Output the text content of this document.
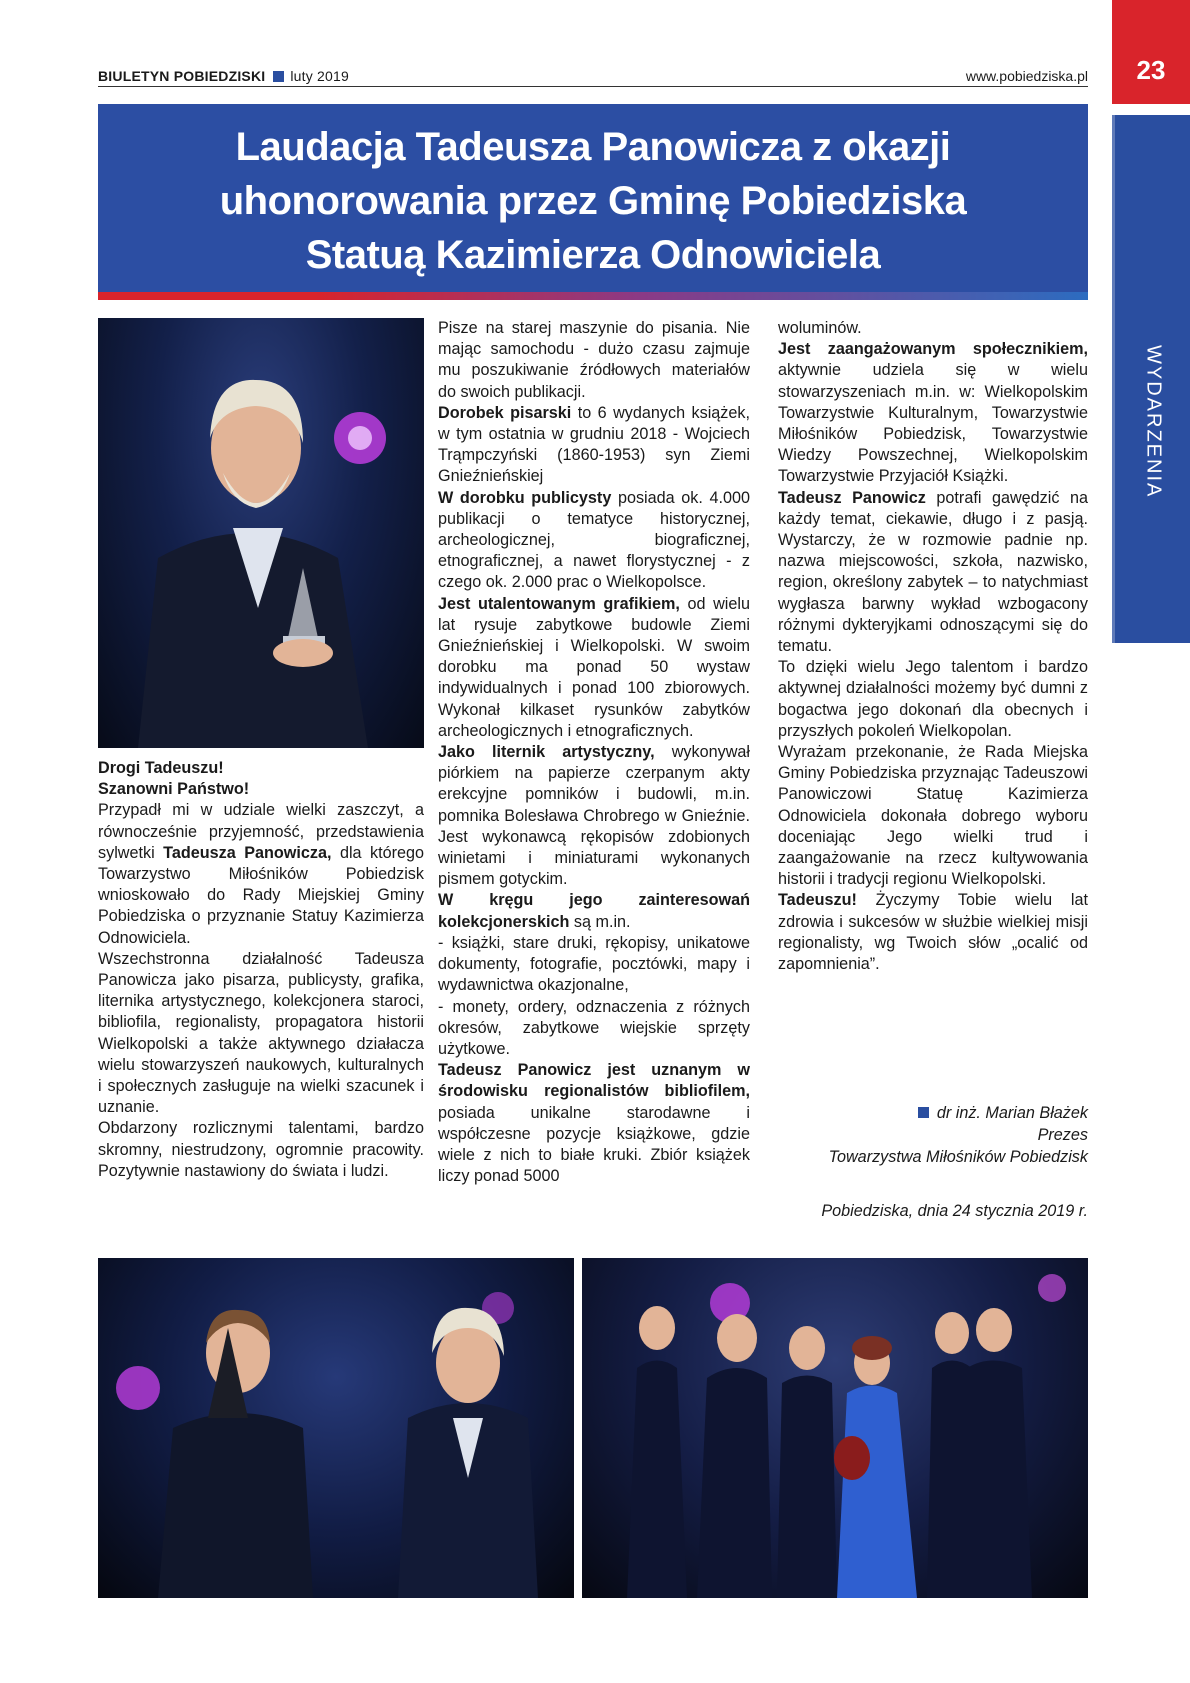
BIULETYN POBIEDZISKI luty 2019	www.pobiedziska.pl	23
WYDARZENIA
Laudacja Tadeusza Panowicza z okazji
uhonorowania przez Gminę Pobiedziska
Statuą Kazimierza Odnowiciela

Drogi Tadeuszu!

Szanowni Państwo!

Przypadł mi w udziale wielki zaszczyt, a równocześnie przyjemność, przedstawienia sylwetki Tadeusza Panowicza, dla którego Towarzystwo Miłośników Pobiedzisk wnioskowało do Rady Miejskiej Gminy Pobiedziska o przyznanie Statuy Kazimierza Odnowiciela.

Wszechstronna działalność Tadeusza Panowicza jako pisarza, publicysty, grafika, liternika artystycznego, kolekcjonera staroci, bibliofila, regionalisty, propagatora historii Wielkopolski a także aktywnego działacza wielu stowarzyszeń naukowych, kulturalnych i społecznych zasługuje na wielki szacunek i uznanie.

Obdarzony rozlicznymi talentami, bardzo skromny, niestrudzony, ogromnie pracowity. Pozytywnie nastawiony do świata i ludzi.

Pisze na starej maszynie do pisania. Nie mając samochodu - dużo czasu zajmuje mu poszukiwanie źródłowych materiałów do swoich publikacji.

Dorobek pisarski to 6 wydanych książek, w tym ostatnia w grudniu 2018 - Wojciech Trąmpczyński (1860-1953) syn Ziemi Gnieźnieńskiej

W dorobku publicysty posiada ok. 4.000 publikacji o tematyce historycznej, archeologicznej, biograficznej, etnograficznej, a nawet florystycznej - z czego ok. 2.000 prac o Wielkopolsce.

Jest utalentowanym grafikiem, od wielu lat rysuje zabytkowe budowle Ziemi Gnieźnieńskiej i Wielkopolski. W swoim dorobku ma ponad 50 wystaw indywidualnych i ponad 100 zbiorowych. Wykonał kilkaset rysunków zabytków archeologicznych i etnograficznych.

Jako liternik artystyczny, wykonywał piórkiem na papierze czerpanym akty erekcyjne pomników i budowli, m.in. pomnika Bolesława Chrobrego w Gnieźnie. Jest wykonawcą rękopisów zdobionych winietami i miniaturami wykonanych pismem gotyckim.

W kręgu jego zainteresowań kolekcjonerskich są m.in.

- książki, stare druki, rękopisy, unikatowe dokumenty, fotografie, pocztówki, mapy i wydawnictwa okazjonalne,

- monety, ordery, odznaczenia z różnych okresów, zabytkowe wiejskie sprzęty użytkowe.

Tadeusz Panowicz jest uznanym w środowisku regionalistów bibliofilem, posiada unikalne starodawne i współczesne pozycje książkowe, gdzie wiele z nich to białe kruki. Zbiór książek liczy ponad 5000

woluminów.

Jest zaangażowanym społecznikiem, aktywnie udziela się w wielu stowarzyszeniach m.in. w: Wielkopolskim Towarzystwie Kulturalnym, Towarzystwie Miłośników Pobiedzisk, Towarzystwie Wiedzy Powszechnej, Wielkopolskim Towarzystwie Przyjaciół Książki.

Tadeusz Panowicz potrafi gawędzić na każdy temat, ciekawie, długo i z pasją. Wystarczy, że w rozmowie padnie np. nazwa miejscowości, szkoła, nazwisko, region, określony zabytek – to natychmiast wygłasza barwny wykład wzbogacony różnymi dykteryjkami odnoszącymi się do tematu.

To dzięki wielu Jego talentom i bardzo aktywnej działalności możemy być dumni z bogactwa jego dokonań dla obecnych i przyszłych pokoleń Wielkopolan.

Wyrażam przekonanie, że Rada Miejska Gminy Pobiedziska przyznając Tadeuszowi Panowiczowi Statuę Kazimierza Odnowiciela dokonała dobrego wyboru doceniając Jego wielki trud i zaangażowanie na rzecz kultywowania historii i tradycji regionu Wielkopolski.

Tadeuszu! Życzymy Tobie wielu lat zdrowia i sukcesów w służbie wielkiej misji regionalisty, wg Twoich słów „ocalić od zapomnienia”.

dr inż. Marian Błażek
Prezes
Towarzystwa Miłośników Pobiedzisk
Pobiedziska, dnia 24 stycznia 2019 r.
